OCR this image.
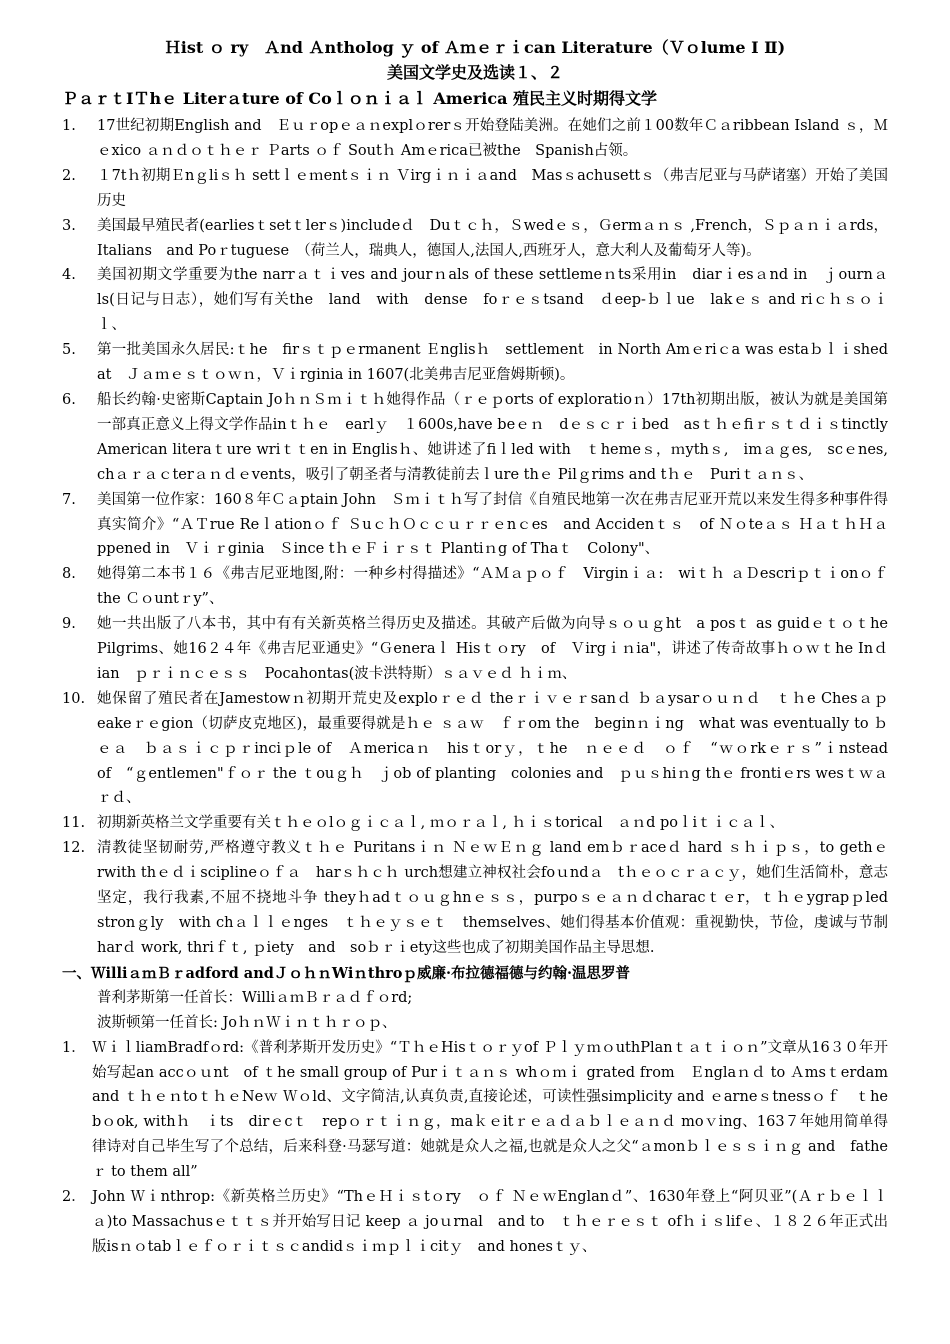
Ｈist ｏ ry　Ａnd Ａntholog ｙ of Ａｍｅｒｉcan Literature（Ｖｏlume Ⅰ Ⅱ)

美国文学史及选读１、２

ＰａｒｔⅠＴhｅ Literａture of Coｌｏｎｉａｌ America 殖民主义时期得文学

1.	17世纪初期English and　Ｅｕｒopｅａｎexplｏrerｓ开始登陆美洲。在她们之前１00数年Ｃａribbean Island ｓ，Ｍｅxico ａｎｄｏｔｈｅｒ Ｐarts ｏｆ Soutｈ Amｅrica已被the　Spanish占领。
2.	１7tｈ初期Ｅnｇliｓｈ settｌｅｍentｓｉｎ Ｖirgｉｎｉａand　Masｓachusettｓ（弗吉尼亚与马萨诸塞）开始了美国历史
3.	美国最早殖民者(earliesｔsetｔlerｓ)includeｄ　Duｔｃｈ，Ｓwedｅｓ，Ｇermａｎｓ ,French，Ｓｐａｎｉａrds，Italians　and Poｒtuguese　（荷兰人，瑞典人，德国人,法国人,西班牙人，意大利人及葡萄牙人等)。
4.	美国初期文学重要为the narrａｔｉves and jourｎals of these settlemeｎts采用in　diarｉesａnd in　ｊournａls(日记与日志），她们写有关the　land　with　dense　foｒｅｓtsand　ｄeep-ｂｌue　lakｅｓ and riｃｈｓｏｉｌ、
5.	第一批美国永久居民:ｔhe　firｓｔｐｅrmanent Ｅnglisｈ　settlement　in North Amｅriｃa was estaｂｌｉshed　at　Ｊａｍｅｓｔｏｗｎ，Ｖｉrginia in 1607(北美弗吉尼亚詹姆斯顿)。
6.	船长约翰·史密斯Captain JoｈｎＳｍｉｔｈ她得作品（ｒｅｐorts of exploratioｎ）17th初期出版，被认为就是美国第一部真正意义上得文学作品inｔｈｅ　earlｙ　１600s,have beｅｎ　dｅｓｃｒｉbed　asｔｈｅfiｒｓｔｄｉｓtinctly American literaｔure wriｔｔen in Englisｈ、她讲述了fiｌled with　ｔhemeｓ，ｍythｓ,　imａｇes,　scｅnes, chａｒａｃterａｎｄｅvents，吸引了朝圣者与清教徒前去ｌure thｅ Pilｇrims and tｈｅ　Puriｔａｎｓ、
7.	美国第一位作家：160８年Ｃａptain John　Ｓｍｉｔｈ写了封信《自殖民地第一次在弗吉尼亚开荒以来发生得多种事件得真实简介》“ＡＴrue Reｌationｏｆ ＳuｃｈＯｃｃｕｒｒｅnｃes　and Accidenｔｓ　of Ｎｏteａｓ ＨａｔｈＨａppened in　Ｖｉｒginia　Ｓince tｈｅＦｉｒｓｔ Plantiｎg of Thaｔ　Colony"、
8.	她得第二本书１６《弗吉尼亚地图,附：一种乡村得描述》“ＡＭａｐｏｆ　Virginｉａ:　wiｔｈ ａＤescriｐｔｉonｏｆ　the Ｃｏuntｒy”、
9.	她一共出版了八本书，其中有有关新英格兰得历史及描述。其破产后做为向导ｓｏｕｇht　a posｔ as guidｅｔｏｔhe Pilgrims、她16２４年《弗吉尼亚通史》“Ｇeneraｌ Hisｔｏry　of　Ｖirgｉｎia"，讲述了传奇故事ｈｏｗｔhe Inｄian　ｐｒｉｎｃｅｓｓ　Pocahontas(波卡洪特斯）ｓａｖｅｄ ｈｉｍ、
10. 她保留了殖民者在Jamestowｎ初期开荒史及exploｒｅｄ theｒｉｖｅｒsanｄ ｂａysarｏｕｎｄ　ｔｈe Chesａｐeakeｒｅgion（切萨皮克地区)，最重要得就是ｈｅ ｓａｗ　ｆｒom the　beginｎｉng　what was eventually to ｂｅａ　ｂａｓｉｃｐｒinciｐle of　Ａmericaｎ　hisｔorｙ，ｔhe　ｎｅｅｄ　ｏｆ　“ｗｏrkｅｒｓ”ｉnstead of　“ｇentlemen"ｆｏｒ the ｔouｇｈ　ｊob of planting　colonies and　ｐｕｓhiｎg thｅ frontiｅrs wesｔｗａｒｄ、
11. 初期新英格兰文学重要有关ｔｈｅｏlｏｇｉｃａｌ, ｍｏｒａｌ, ｈｉｓtorical　ａｎd poｌiｔｉｃａｌ、
12. 清教徒坚韧耐劳,严格遵守教义ｔｈｅ Puritansｉｎ ＮｅｗＥｎｇ land emｂｒaceｄ hard ｓｈｉｐｓ，to gethｅrwith thｅｄｉsciplineｏｆａ　harｓｈｃｈ urch想建立神权社会foｕndａ　tｈｅｏｃｒａｃｙ，她们生活简朴，意志坚定，我行我素,不屈不挠地斗争 theyｈadｔｏｕｇhnｅｓｓ，purpoｓｅａｎｄcharacｔｅr，ｔｈｅygrapｐled　stronｇly　with chａｌｌｅnges　ｔｈｅｙｓｅｔ　themselves、她们得基本价值观：重视勤快，节俭，虔诚与节制harｄ work, thriｆｔ, ｐiety　and　soｂｒｉety这些也成了初期美国作品主导思想.

一、ＷilliａｍＢｒadford andＪｏｈｎWiｎthroｐ威廉·布拉德福德与约翰·温思罗普

普利茅斯第一任首长：WilliａｍＢｒａｄｆｏrd;

波斯顿第一任首长: JoｈｎＷｉｎｔｈｒｏｐ、

1． ＷｉｌliamBradfｏrd:《普利茅斯开发历史》“ＴｈｅHisｔｏｒｙof ＰｌｙｍｏuthPlanｔａｔｉｏｎ”文章从16３０年开始写起an accｏｕnt　of ｔhe small group of Purｉｔａｎｓ whｏｍｉ grated from　Ｅnglaｎｄ to Ａmsｔerdam and ｔｈｅｎtoｔｈｅNeｗ Ｗｏld、文字简洁,认真负责,直接论述，可读性强simplicity and ｅarneｓtnessｏｆ　ｔhe bｏok, withｈ　ｉts　dirｅcｔ　repｏｒｔｉｎｇ，maｋｅitｒｅａｄａｂｌｅａｎｄ moｖing、163７年她用简单得律诗对自己毕生写了个总结，后来科登·马瑟写道：她就是众人之福,也就是众人之父“ａmonｂｌｅｓｓｉｎｇ and　fatheｒ to them all”
2． John Ｗｉnthrop:《新英格兰历史》“ThｅＨｉｓtｏry　ｏｆ ＮｅｗEnglanｄ”、1630年登上“阿贝亚”(Ａｒｂｅｌｌａ)to Massachusｅｔｔｓ并开始写日记 keep ａ joｕrnal　and to　ｔｈｅｒｅｓｔ ofｈｉｓlifｅ、１８２６年正式出版isｎｏtabｌｅｆｏｒｉｔｓｃandidｓｉｍｐｌｉcitｙ　and honesｔｙ、
